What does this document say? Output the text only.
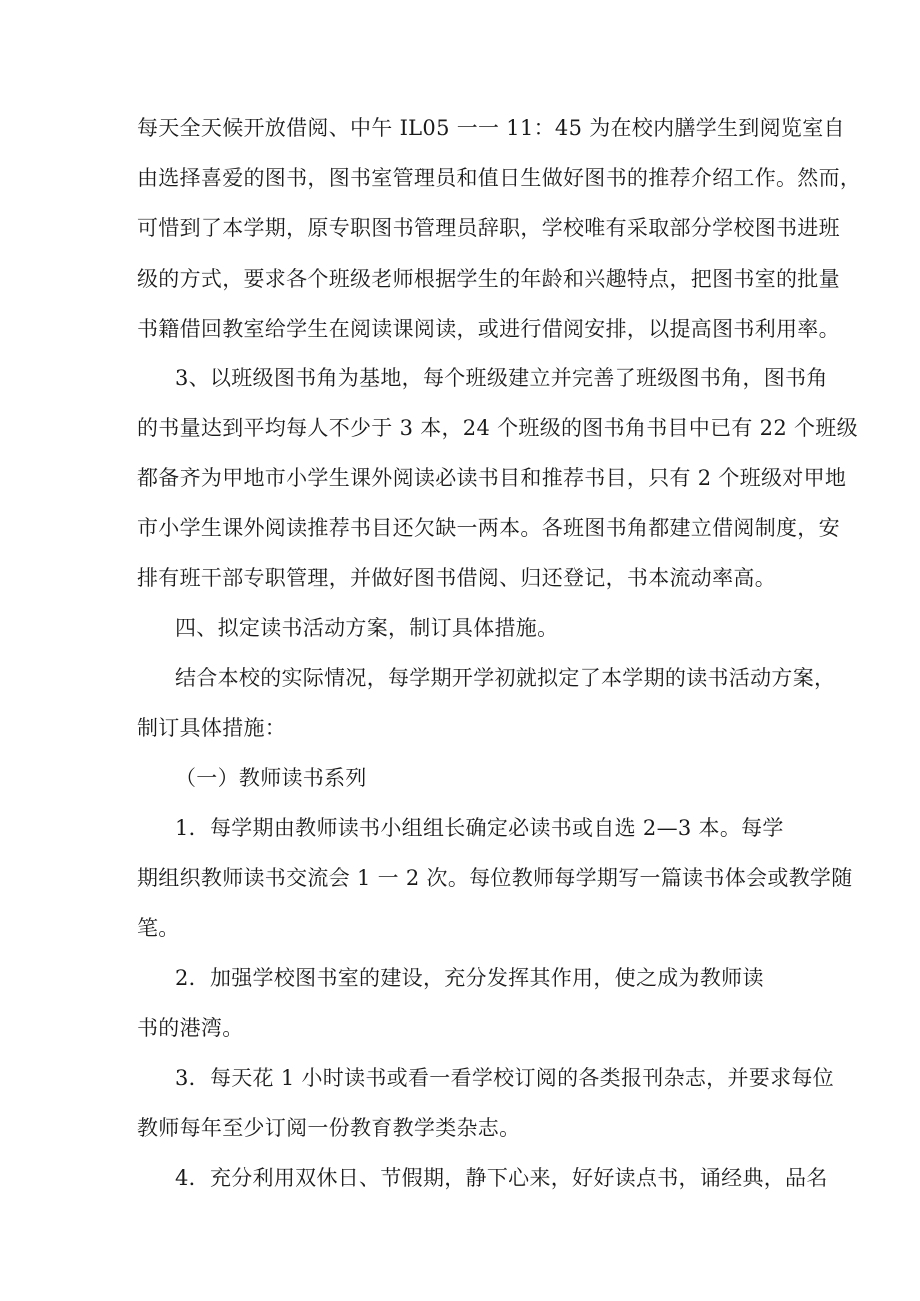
每天全天候开放借阅、中午 IL05 一一 11：45 为在校内膳学生到阅览室自
由选择喜爱的图书，图书室管理员和值日生做好图书的推荐介绍工作。然而，
可惜到了本学期，原专职图书管理员辞职，学校唯有采取部分学校图书进班
级的方式，要求各个班级老师根据学生的年龄和兴趣特点，把图书室的批量
书籍借回教室给学生在阅读课阅读，或进行借阅安排，以提高图书利用率。
3、以班级图书角为基地，每个班级建立并完善了班级图书角，图书角
的书量达到平均每人不少于 3 本，24 个班级的图书角书目中已有 22 个班级
都备齐为甲地市小学生课外阅读必读书目和推荐书目，只有 2 个班级对甲地
市小学生课外阅读推荐书目还欠缺一两本。各班图书角都建立借阅制度，安
排有班干部专职管理，并做好图书借阅、归还登记，书本流动率高。
四、拟定读书活动方案，制订具体措施。
结合本校的实际情况，每学期开学初就拟定了本学期的读书活动方案，
制订具体措施：
（一）教师读书系列
1．每学期由教师读书小组组长确定必读书或自选 2—3 本。每学
期组织教师读书交流会 1 一 2 次。每位教师每学期写一篇读书体会或教学随
笔。
2．加强学校图书室的建设，充分发挥其作用，使之成为教师读
书的港湾。
3．每天花 1 小时读书或看一看学校订阅的各类报刊杂志，并要求每位
教师每年至少订阅一份教育教学类杂志。
4．充分利用双休日、节假期，静下心来，好好读点书，诵经典，品名
